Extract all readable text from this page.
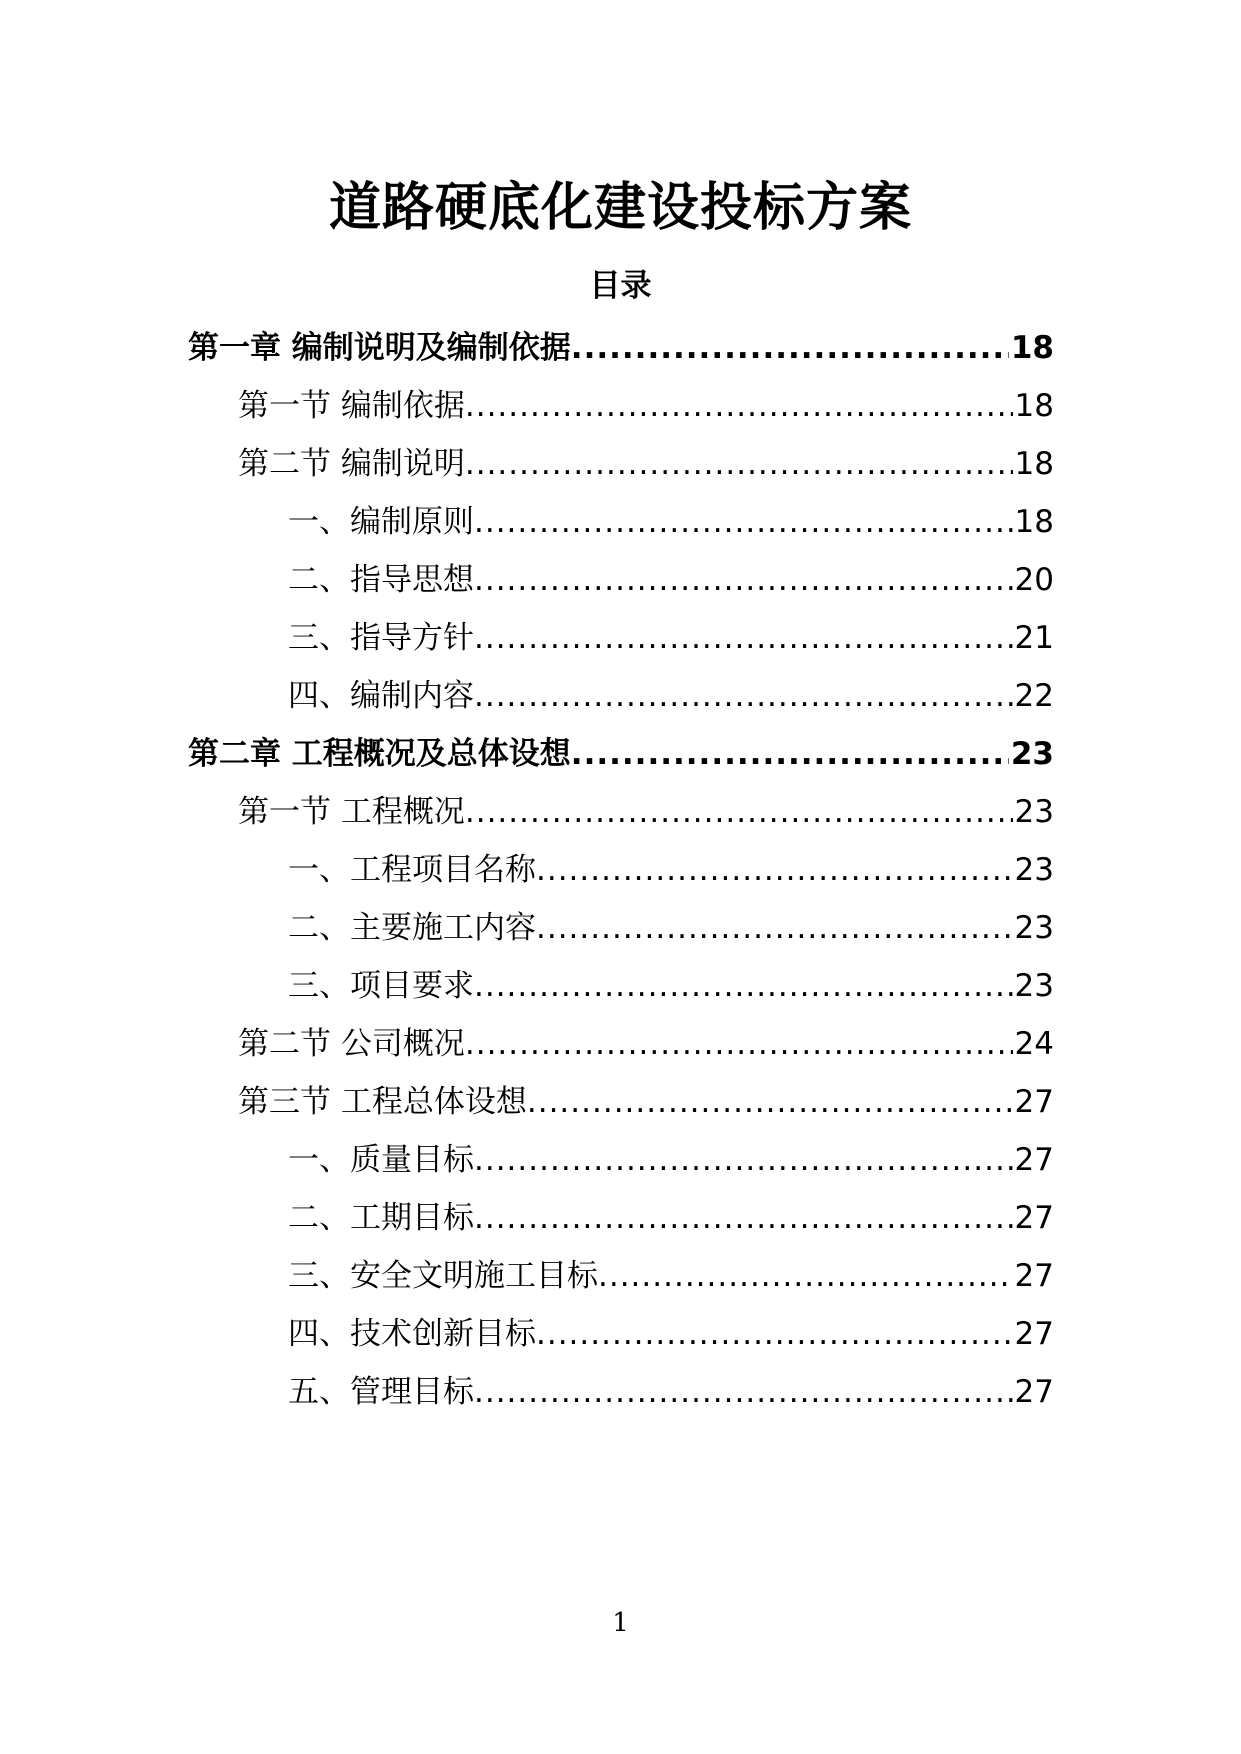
道路硬底化建设投标方案
目录
第一章 编制说明及编制依据 .....	18
第一节 编制依据 .....	18
第二节 编制说明 .....	18
一、编制原则 .....	18
二、指导思想 .....	20
三、指导方针 .....	21
四、编制内容 .....	22
第二章 工程概况及总体设想 .....	23
第一节 工程概况 .....	23
一、工程项目名称 .....	23
二、主要施工内容 .....	23
三、项目要求 .....	23
第二节 公司概况 .....	24
第三节 工程总体设想 .....	27
一、质量目标 .....	27
二、工期目标 .....	27
三、安全文明施工目标 .....	27
四、技术创新目标 .....	27
五、管理目标 .....	27
1
